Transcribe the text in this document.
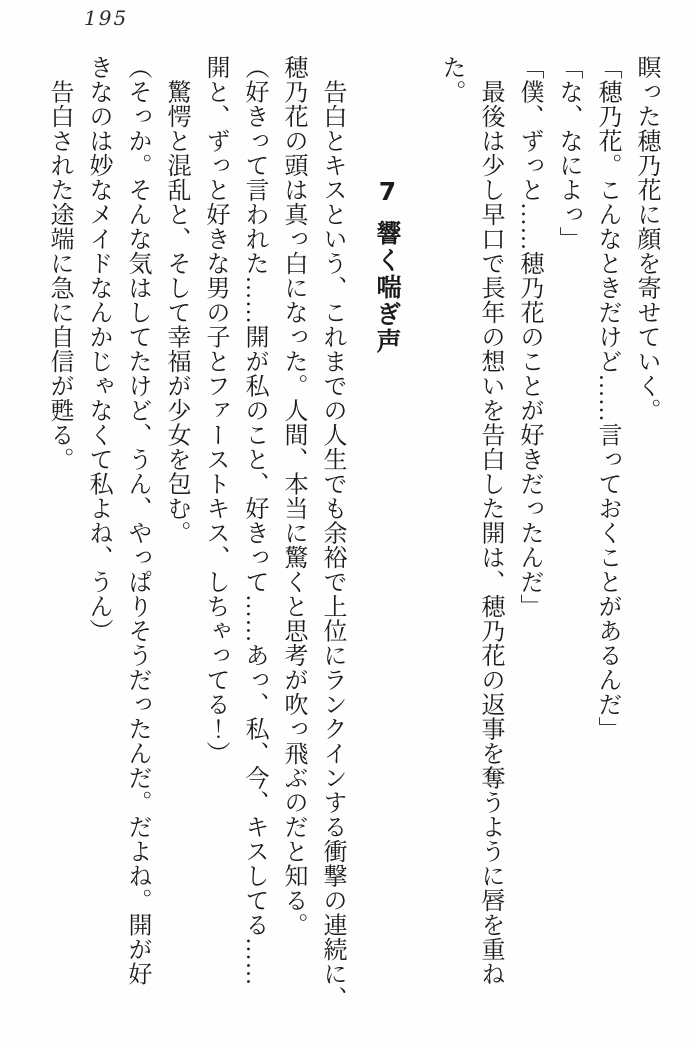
195

瞑った穂乃花に顔を寄せていく。

「穂乃花。こんなときだけど……言っておくことがあるんだ」

「な、なによっ」

「僕、ずっと……穂乃花のことが好きだったんだ」

　最後は少し早口で長年の想いを告白した開は、穂乃花の返事を奪うように唇を重ね

た。

7響く喘ぎ声

　告白とキスという、これまでの人生でも余裕で上位にランクインする衝撃の連続に、

穂乃花の頭は真っ白になった。人間、本当に驚くと思考が吹っ飛ぶのだと知る。

（好きって言われた……開が私のこと、好きって……あっ、私、今、キスしてる……

開と、ずっと好きな男の子とファーストキス、しちゃってる！）

　驚愕と混乱と、そして幸福が少女を包む。

（そっか。そんな気はしてたけど、うん、やっぱりそうだったんだ。だよね。開が好

きなのは妙なメイドなんかじゃなくて私よね、うん）

　告白された途端に急に自信が甦る。
